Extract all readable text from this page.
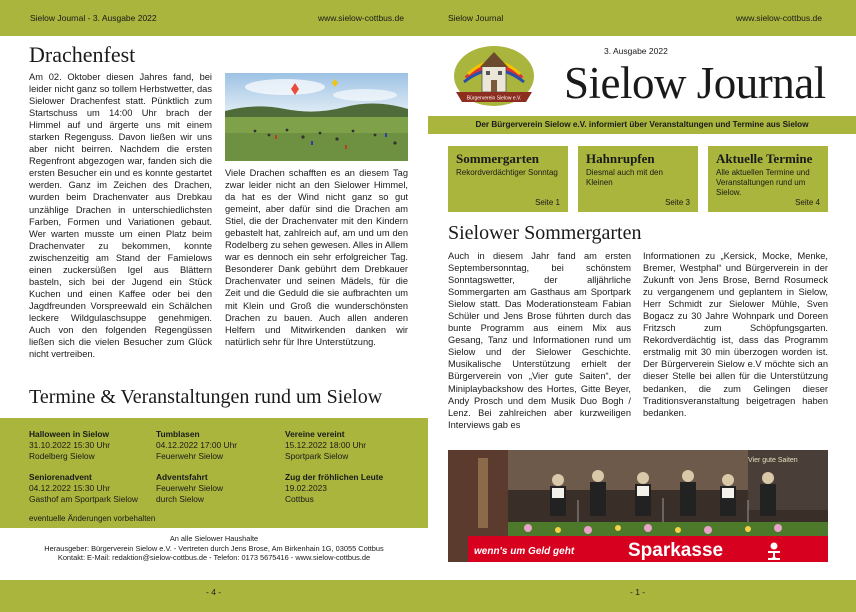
Sielow Journal - 3. Ausgabe 2022	www.sielow-cottbus.de	Sielow Journal	www.sielow-cottbus.de
Drachenfest
Am 02. Oktober diesen Jahres fand, bei leider nicht ganz so tollem Herbstwetter, das Sielower Drachenfest statt. Pünktlich zum Startschuss um 14:00 Uhr brach der Himmel auf und ärgerte uns mit einem starken Regenguss. Davon ließen wir uns aber nicht beirren. Nachdem die ersten Regenfront abgezogen war, fanden sich die ersten Besucher ein und es konnte gestartet werden. Ganz im Zeichen des Drachen, wurden beim Drachenvater aus Drebkau unzählige Drachen in unterschiedlichsten Farben, Formen und Variationen gebaut. Wer warten musste um einen Platz beim Drachenvater zu bekommen, konnte zwischenzeitig am Stand der Famielows einen zuckersüßen Igel aus Blättern basteln, sich bei der Jugend ein Stück Kuchen und einen Kaffee oder bei den Jagdfreunden Vorspreewald ein Schälchen leckere Wildgulaschsuppe genehmigen. Auch von den folgenden Regengüssen ließen sich die vielen Besucher zum Glück nicht vertreiben.
Viele Drachen schafften es an diesem Tag zwar leider nicht an den Sielower Himmel, da hat es der Wind nicht ganz so gut gemeint, aber dafür sind die Drachen am Stiel, die der Drachenvater mit den Kindern gebastelt hat, zahlreich auf, am und um den Rodelberg zu sehen gewesen. Alles in Allem war es dennoch ein sehr erfolgreicher Tag. Besonderer Dank gebührt dem Drebkauer Drachenvater und seinen Mädels, für die Zeit und die Geduld die sie aufbrachten um mit Klein und Groß die wunderschönsten Drachen zu bauen. Auch allen anderen Helfern und Mitwirkenden danken wir natürlich sehr für Ihre Unterstützung.
Termine & Veranstaltungen rund um Sielow
Halloween in Sielow
31.10.2022 15:30 Uhr
Rodelberg Sielow
Tumblasen
04.12.2022 17:00 Uhr
Feuerwehr Sielow
Vereine vereint
15.12.2022 18:00 Uhr
Sportpark Sielow
Seniorenadvent
04.12.2022 15:30 Uhr
Gasthof am Sportpark Sielow
Adventsfahrt
Feuerwehr Sielow
durch Sielow
Zug der fröhlichen Leute
19.02.2023
Cottbus
eventuelle Änderungen vorbehalten
An alle Sielower Haushalte
Herausgeber: Bürgerverein Sielow e.V. - Vertreten durch Jens Brose, Am Birkenhain 1G, 03055 Cottbus
Kontakt: E-Mail: redaktion@sielow-cottbus.de - Telefon: 0173 5675416 - www.sielow-cottbus.de
Bürgerverein Sielow e.V.
3. Ausgabe 2022
Sielow Journal
Der Bürgerverein Sielow e.V. informiert über Veranstaltungen und Termine aus Sielow
Sommergarten
Rekordverdächtiger Sonntag
Seite 1
Hahnrupfen
Diesmal auch mit den Kleinen
Seite 3
Aktuelle Termine
Alle aktuellen Termine und Veranstaltungen rund um Sielow.
Seite 4
Sielower Sommergarten
Auch in diesem Jahr fand am ersten Septembersonntag, bei schönstem Sonntagswetter, der alljährliche Sommergarten am Gasthaus am Sportpark Sielow statt. Das Moderationsteam Fabian Schüler und Jens Brose führten durch das bunte Programm aus einem Mix aus Gesang, Tanz und Informationen rund um Sielow und der Sielower Geschichte. Musikalische Unterstützung erhielt der Bürgerverein von „Vier gute Saiten“, der Miniplaybackshow des Hortes, Gitte Beyer, Andy Prosch und dem Musik Duo Bogh / Lenz. Bei zahlreichen aber kurzweiligen Interviews gab es
Informationen zu „Kersick, Mocke, Menke, Bremer, Westphal“ und Bürgerverein in der Zukunft von Jens Brose, Bernd Rosumeck zu vergangenem und geplantem in Sielow, Herr Schmidt zur Sielower Mühle, Sven Bogacz zu 30 Jahre Wohnpark und Doreen Fritzsch zum Schöpfungsgarten. Rekordverdächtig ist, dass das Programm erstmalig mit 30 min überzogen worden ist. Der Bürgerverein Sielow e.V möchte sich an dieser Stelle bei allen für die Unterstützung bedanken, die zum Gelingen dieser Traditionsveranstaltung beigetragen haben bedanken.
Vier gute Saiten
wenn's um Geld geht	Sparkasse
- 4 -	- 1 -
